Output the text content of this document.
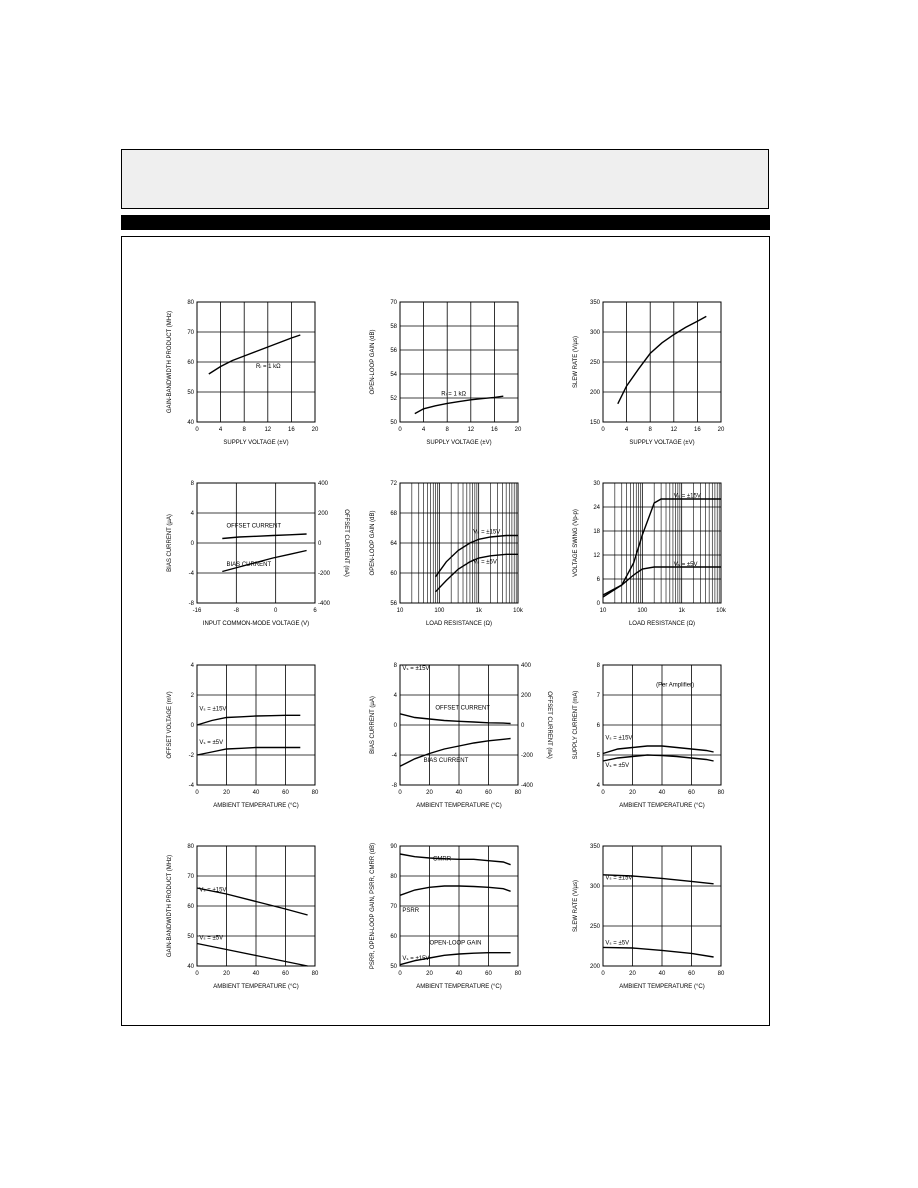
0	4	8	12	16	20
40
50
60
70
80
SUPPLY VOLTAGE (±V)
GAIN-BANDWIDTH PRODUCT (MHz)	Rₗ = 1 kΩ
0	4	8	12	16	20
50
52
54
56
58
70
SUPPLY VOLTAGE (±V)
OPEN-LOOP GAIN (dB)
Rₗ = 1 kΩ
0	4	8	12	16	20
150
200
250
300
350
SUPPLY VOLTAGE (±V)
SLEW RATE (V/µs)
-16	-8	0	6
8
4
0
-4
-8
400
200
0
-200
-400
OFFSET CURRENT (nA)
INPUT COMMON-MODE VOLTAGE (V)
BIAS CURRENT (µA)	OFFSET CURRENT
BIAS CURRENT
10	100	1k	10k
72
68
64
60
56
LOAD RESISTANCE (Ω)
OPEN-LOOP GAIN (dB)	Vₛ = ±15V
Vₛ = ±5V
10	100	1k	10k
0
6
12
18
24
30
LOAD RESISTANCE (Ω)
VOLTAGE SWING (Vp-p)
Vₛ = ±15V
Vₛ = ±5V
0	20	40	60	80
4
2
0
-2
-4
AMBIENT TEMPERATURE (°C)
OFFSET VOLTAGE (mV)	Vₛ = ±15V
Vₛ = ±5V
0	20	40	60	80
8
4
0
-4
-8
400
200
0
-200
-400
OFFSET CURRENT (nA)
AMBIENT TEMPERATURE (°C)
BIAS CURRENT (µA)	OFFSET CURRENT
BIAS CURRENT
Vₛ = ±15V
0	20	40	60	80
8
7
6
5
4
AMBIENT TEMPERATURE (°C)
SUPPLY CURRENT (mA)
(Per Amplifier)
Vₛ = ±15V
Vₛ = ±5V
0	20	40	60	80
40
50
60
70
80
AMBIENT TEMPERATURE (°C)
GAIN-BANDWIDTH PRODUCT (MHz)	Vₛ = ±15V
Vₛ = ±5V
0	20	40	60	80
50
60
70
80
90
AMBIENT TEMPERATURE (°C)
PSRR, OPEN-LOOP GAIN, PSRR, CMRR (dB)	CMRR
PSRR
OPEN-LOOP GAIN
Vₛ = ±15V
0	20	40	60	80
200
250
300
350
AMBIENT TEMPERATURE (°C)
SLEW RATE (V/µs)
Vₛ = ±15V
Vₛ = ±5V
